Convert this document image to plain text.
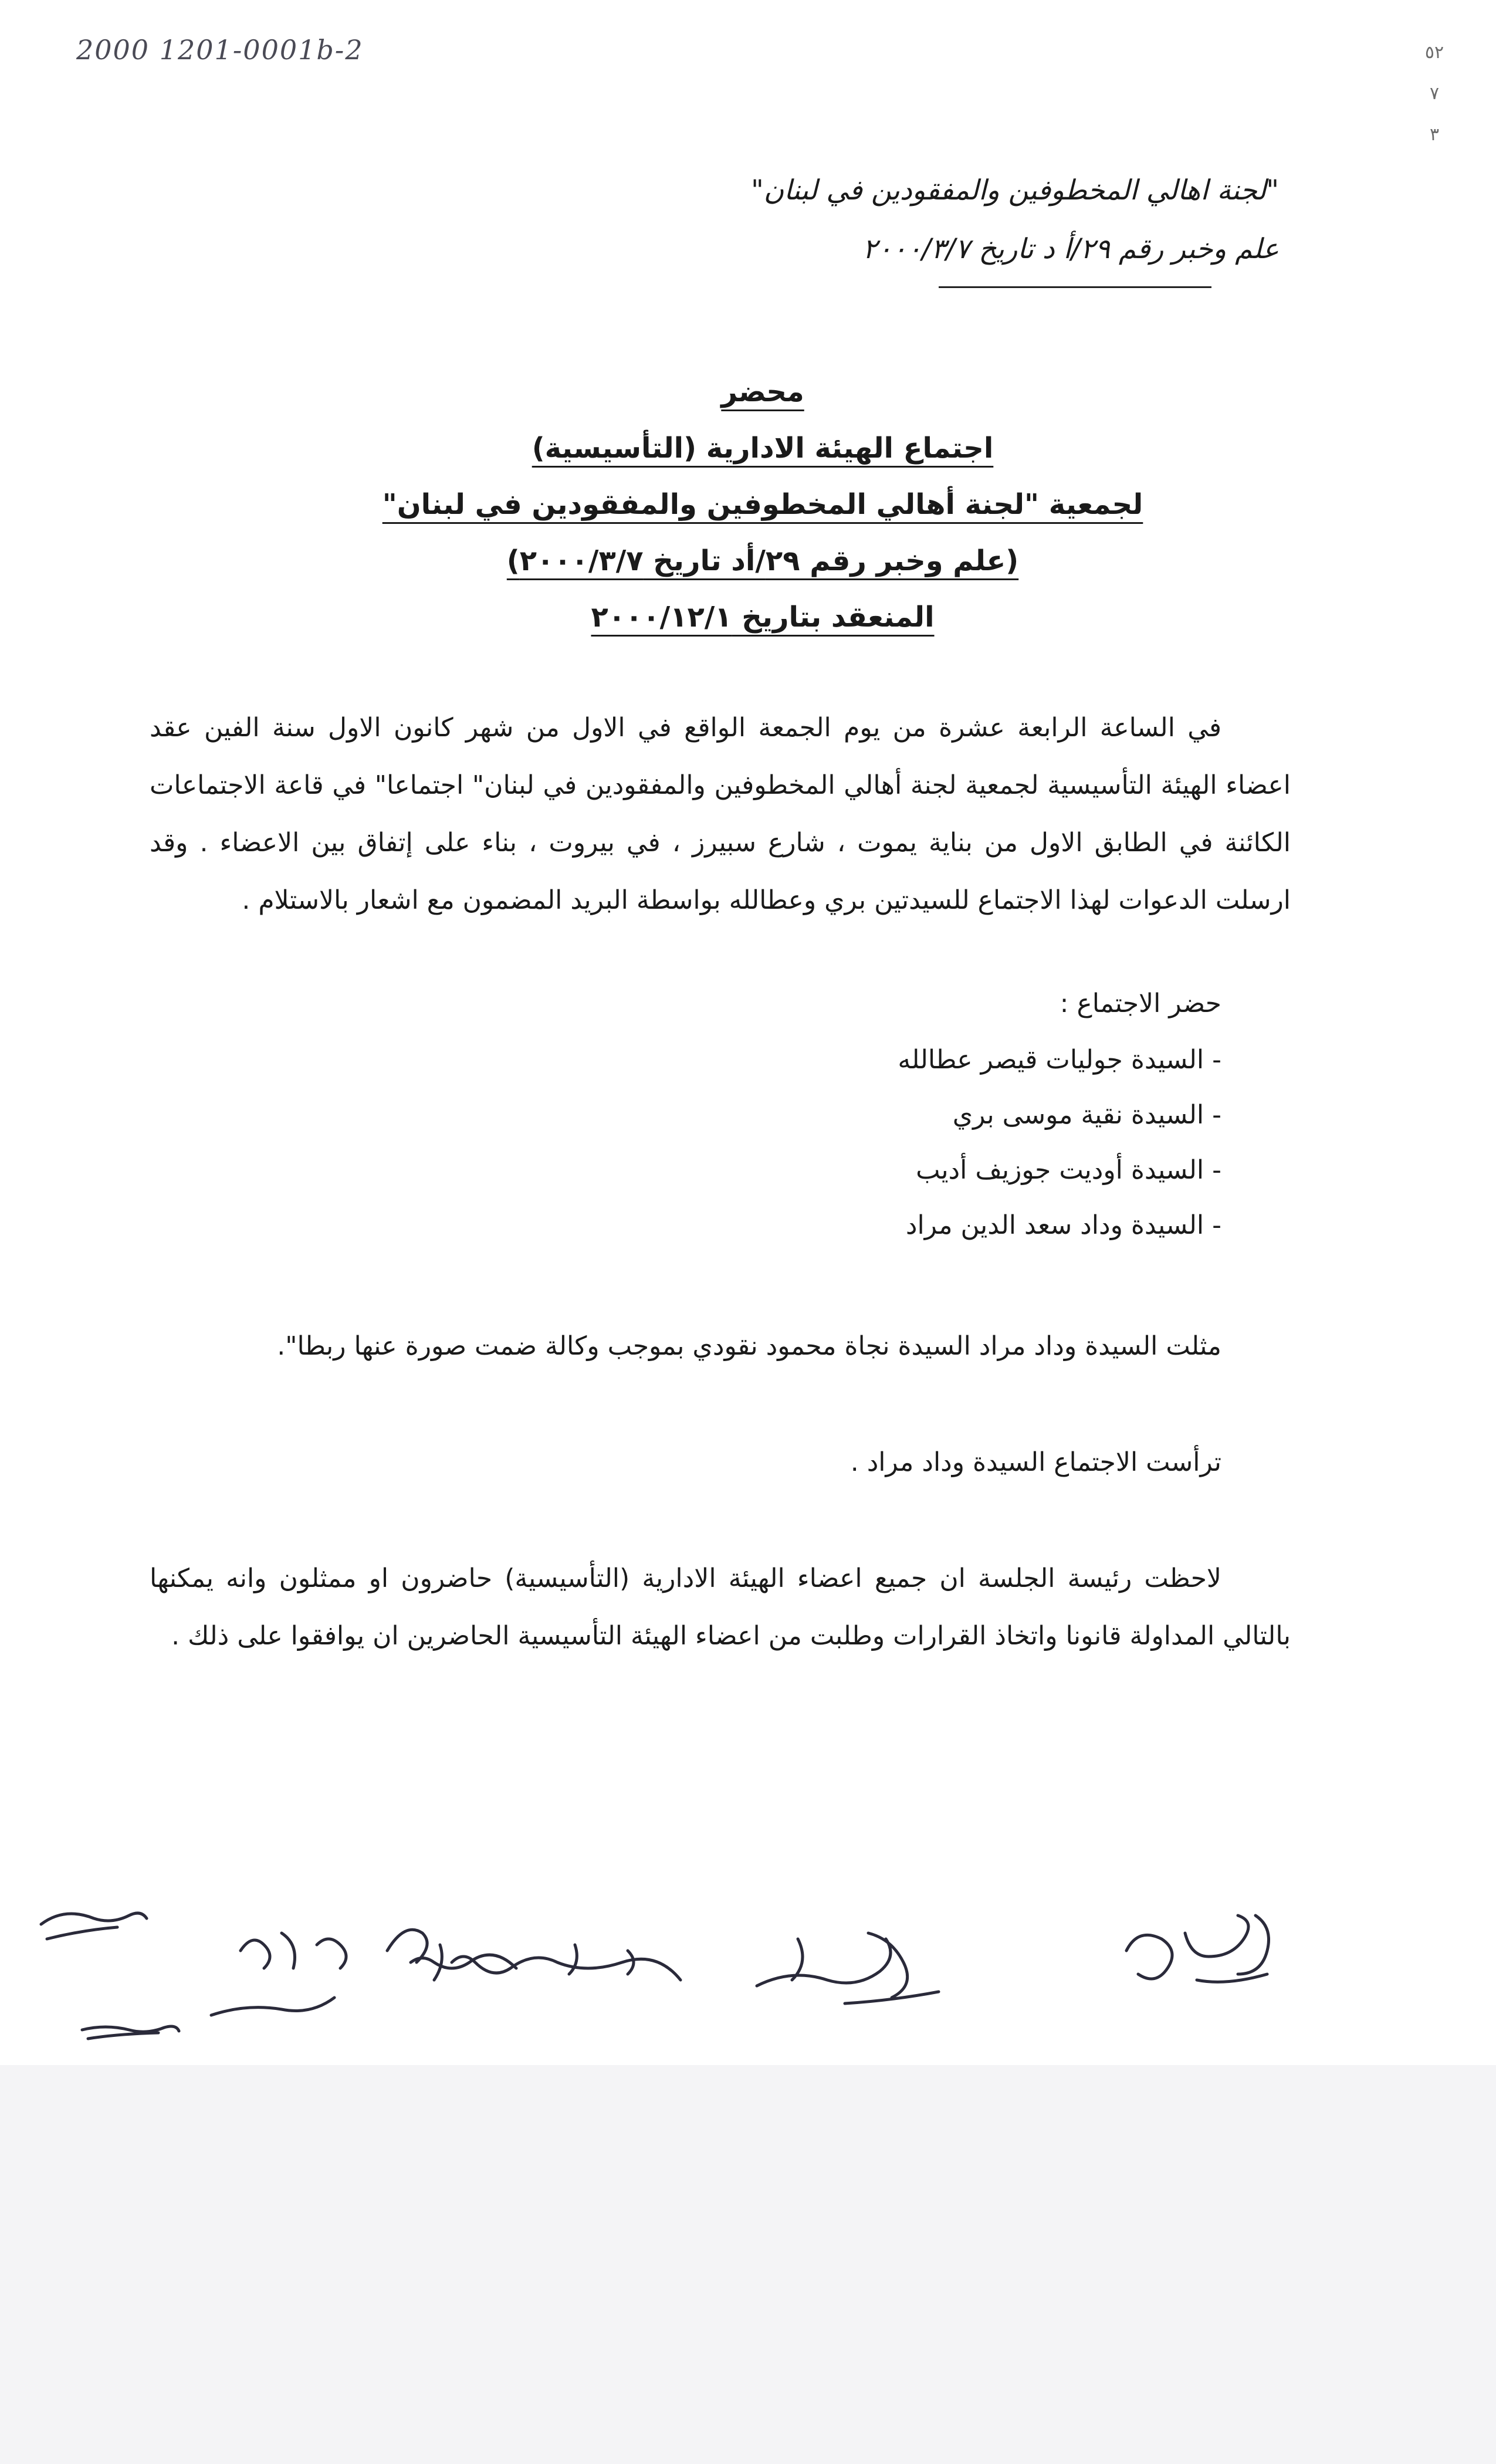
2000 1201-0001b-2	٥٢
٧
٣
"لجنة اهالي المخطوفين والمفقودين في لبنان"
علم وخبر رقم ٢٩/أ د تاريخ ٢٠٠٠/٣/٧
محضر
اجتماع الهيئة الادارية (التأسيسية)
لجمعية "لجنة أهالي المخطوفين والمفقودين في لبنان"
(علم وخبر رقم ٢٩/أد تاريخ ٢٠٠٠/٣/٧)
المنعقد بتاريخ ٢٠٠٠/١٢/١
في الساعة الرابعة عشرة من يوم الجمعة الواقع في الاول من شهر كانون الاول سنة الفين عقد اعضاء الهيئة التأسيسية لجمعية لجنة أهالي المخطوفين والمفقودين في لبنان" اجتماعا" في قاعة الاجتماعات الكائنة في الطابق الاول من بناية يموت ، شارع سبيرز ، في بيروت ، بناء على إتفاق بين الاعضاء . وقد ارسلت الدعوات لهذا الاجتماع للسيدتين بري وعطالله بواسطة البريد المضمون مع اشعار بالاستلام .
حضر الاجتماع :
- السيدة جوليات قيصر عطالله
- السيدة نقية موسى بري
- السيدة أوديت جوزيف أديب
- السيدة وداد سعد الدين مراد
مثلت السيدة وداد مراد السيدة نجاة محمود نقودي بموجب وكالة ضمت صورة عنها ربطا".
ترأست الاجتماع السيدة وداد مراد .
لاحظت رئيسة الجلسة ان جميع اعضاء الهيئة الادارية (التأسيسية) حاضرون او ممثلون وانه يمكنها بالتالي المداولة قانونا واتخاذ القرارات وطلبت من اعضاء الهيئة التأسيسية الحاضرين ان يوافقوا على ذلك .
